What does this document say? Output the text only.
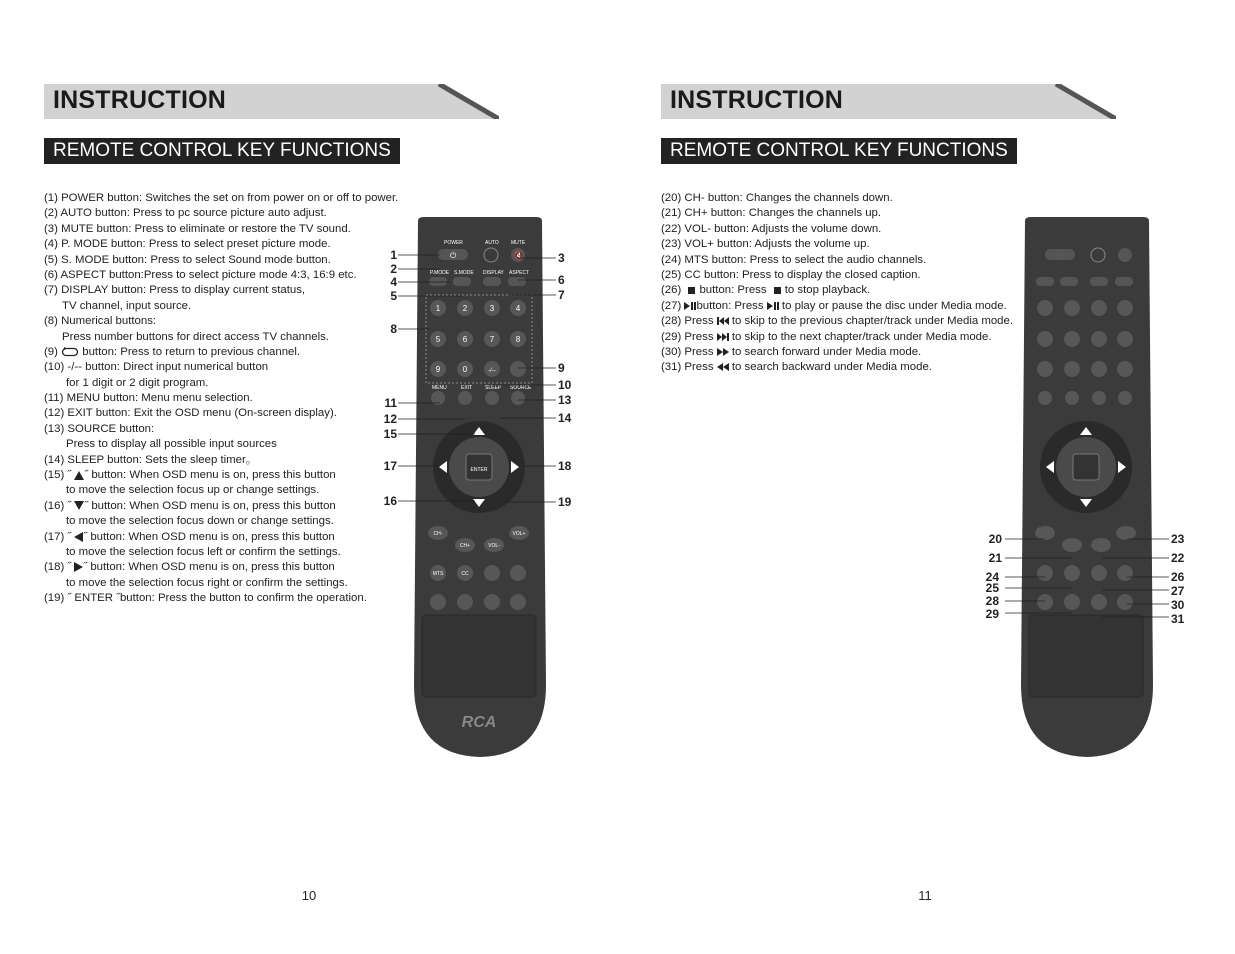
INSTRUCTION
REMOTE CONTROL KEY FUNCTIONS
(1) POWER button: Switches the set on from power on or off to power.
(2) AUTO button: Press to pc source picture auto adjust.
(3) MUTE button: Press to eliminate or restore the TV sound.
(4) P. MODE button: Press to select preset picture mode.
(5) S. MODE button: Press to select Sound mode button.
(6) ASPECT button:Press to select picture mode 4:3, 16:9 etc.
(7) DISPLAY button: Press to display current status,
TV channel, input source.
(8) Numerical buttons:
Press number buttons for direct access TV channels.
(9) button: Press to return to previous channel.
(10) -/-- button: Direct input numerical button
for 1 digit or 2 digit program.
(11) MENU button: Menu menu selection.
(12) EXIT button: Exit the OSD menu (On-screen display).
(13) SOURCE button:
Press to display all possible input sources
(14) SLEEP button: Sets the sleep timer。
(15) ˝ ˝ button: When OSD menu is on, press this button
to move the selection focus up or change settings.
(16) ˝ ˝ button: When OSD menu is on, press this button
to move the selection focus down or change settings.
(17) ˝ ˝ button: When OSD menu is on, press this button
to move the selection focus left or confirm the settings.
(18) ˝ ˝ button: When OSD menu is on, press this button
to move the selection focus right or confirm the settings.
(19) ˝ ENTER ˝button: Press the button to confirm the operation.
POWER	AUTO MUTE
P.MODE S.MODE DISPLAY ASPECT
MENU	EXIT	SLEEP SOURCE
⏻	🔇
1	2	3	4
5	6	7	8
9	0	-/--
ENTER
CH-
CH+	VOL-
VOL+
MTS	CC
RCA
1
2
4
5
8
11
12
15
17
16
3
6
7
9
10
13
14
18
19
10
INSTRUCTION
REMOTE CONTROL KEY FUNCTIONS
(20) CH- button: Changes the channels down.
(21) CH+ button: Changes the channels up.
(22) VOL- button: Adjusts the volume down.
(23) VOL+ button: Adjusts the volume up.
(24) MTS button: Press to select the audio channels.
(25) CC button: Press to display the closed caption.
(26) button: Press to stop playback.
(27) button: Press to play or pause the disc under Media mode.
(28) Press to skip to the previous chapter/track under Media mode.
(29) Press to skip to the next chapter/track under Media mode.
(30) Press to search forward under Media mode.
(31) Press to search backward under Media mode.
20
21
24
25
28
29
23
22
26
27
30
31
11
